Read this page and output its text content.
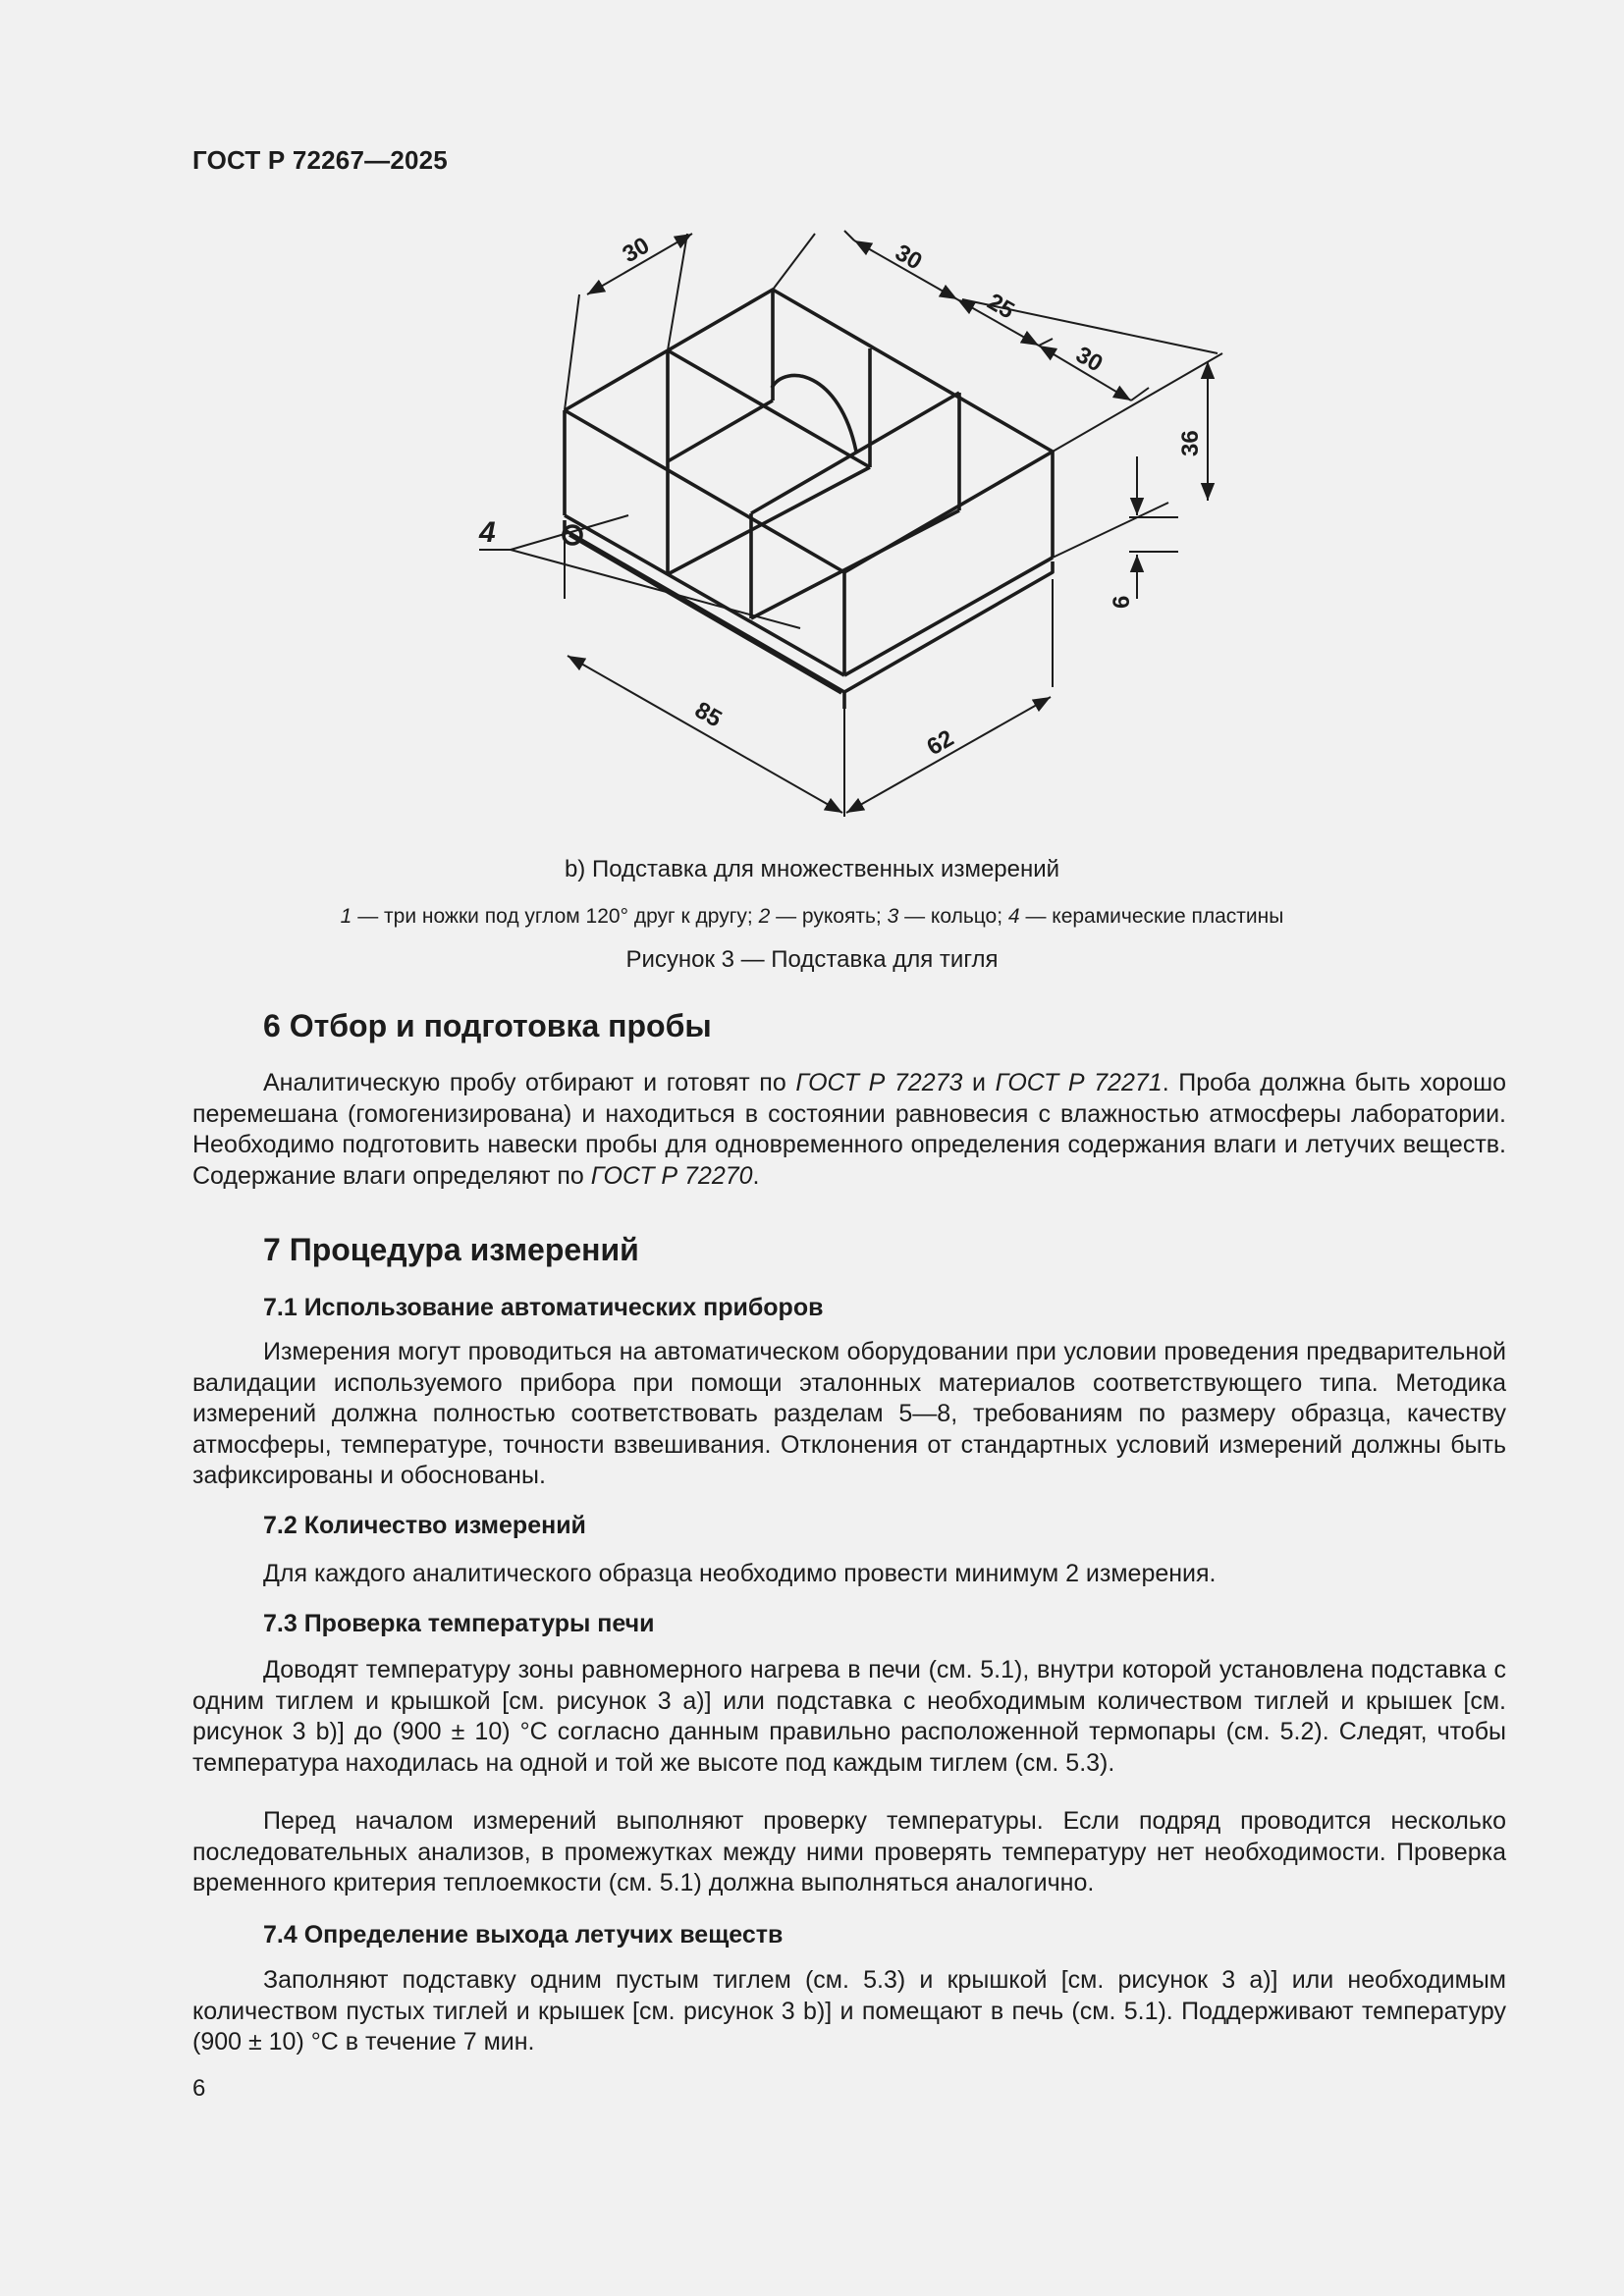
ГОСТ Р 72267—2025
30	30
25
30
36
6
85
62
4
b) Подставка для множественных измерений
1 — три ножки под углом 120° друг к другу; 2 — рукоять; 3 — кольцо; 4 — керамические пластины
Рисунок 3 — Подставка для тигля
6 Отбор и подготовка пробы

Аналитическую пробу отбирают и готовят по ГОСТ Р 72273 и ГОСТ Р 72271. Проба должна быть хорошо перемешана (гомогенизирована) и находиться в состоянии равновесия с влажностью атмосферы лаборатории. Необходимо подготовить навески пробы для одновременного определения содержания влаги и летучих веществ. Содержание влаги определяют по ГОСТ Р 72270.

7 Процедура измерений
7.1 Использование автоматических приборов

Измерения могут проводиться на автоматическом оборудовании при условии проведения предварительной валидации используемого прибора при помощи эталонных материалов соответствующего типа. Методика измерений должна полностью соответствовать разделам 5—8, требованиям по размеру образца, качеству атмосферы, температуре, точности взвешивания. Отклонения от стандартных условий измерений должны быть зафиксированы и обоснованы.

7.2 Количество измерений

Для каждого аналитического образца необходимо провести минимум 2 измерения.

7.3 Проверка температуры печи

Доводят температуру зоны равномерного нагрева в печи (см. 5.1), внутри которой установлена подставка с одним тиглем и крышкой [см. рисунок 3 а)] или подставка с необходимым количеством тиглей и крышек [см. рисунок 3 b)] до (900 ± 10) °С согласно данным правильно расположенной термопары (см. 5.2). Следят, чтобы температура находилась на одной и той же высоте под каждым тиглем (см. 5.3).

Перед началом измерений выполняют проверку температуры. Если подряд проводится несколько последовательных анализов, в промежутках между ними проверять температуру нет необходимости. Проверка временного критерия теплоемкости (см. 5.1) должна выполняться аналогично.

7.4 Определение выхода летучих веществ

Заполняют подставку одним пустым тиглем (см. 5.3) и крышкой [см. рисунок 3 а)] или необходимым количеством пустых тиглей и крышек [см. рисунок 3 b)] и помещают в печь (см. 5.1). Поддерживают температуру (900 ± 10) °С в течение 7 мин.

6
